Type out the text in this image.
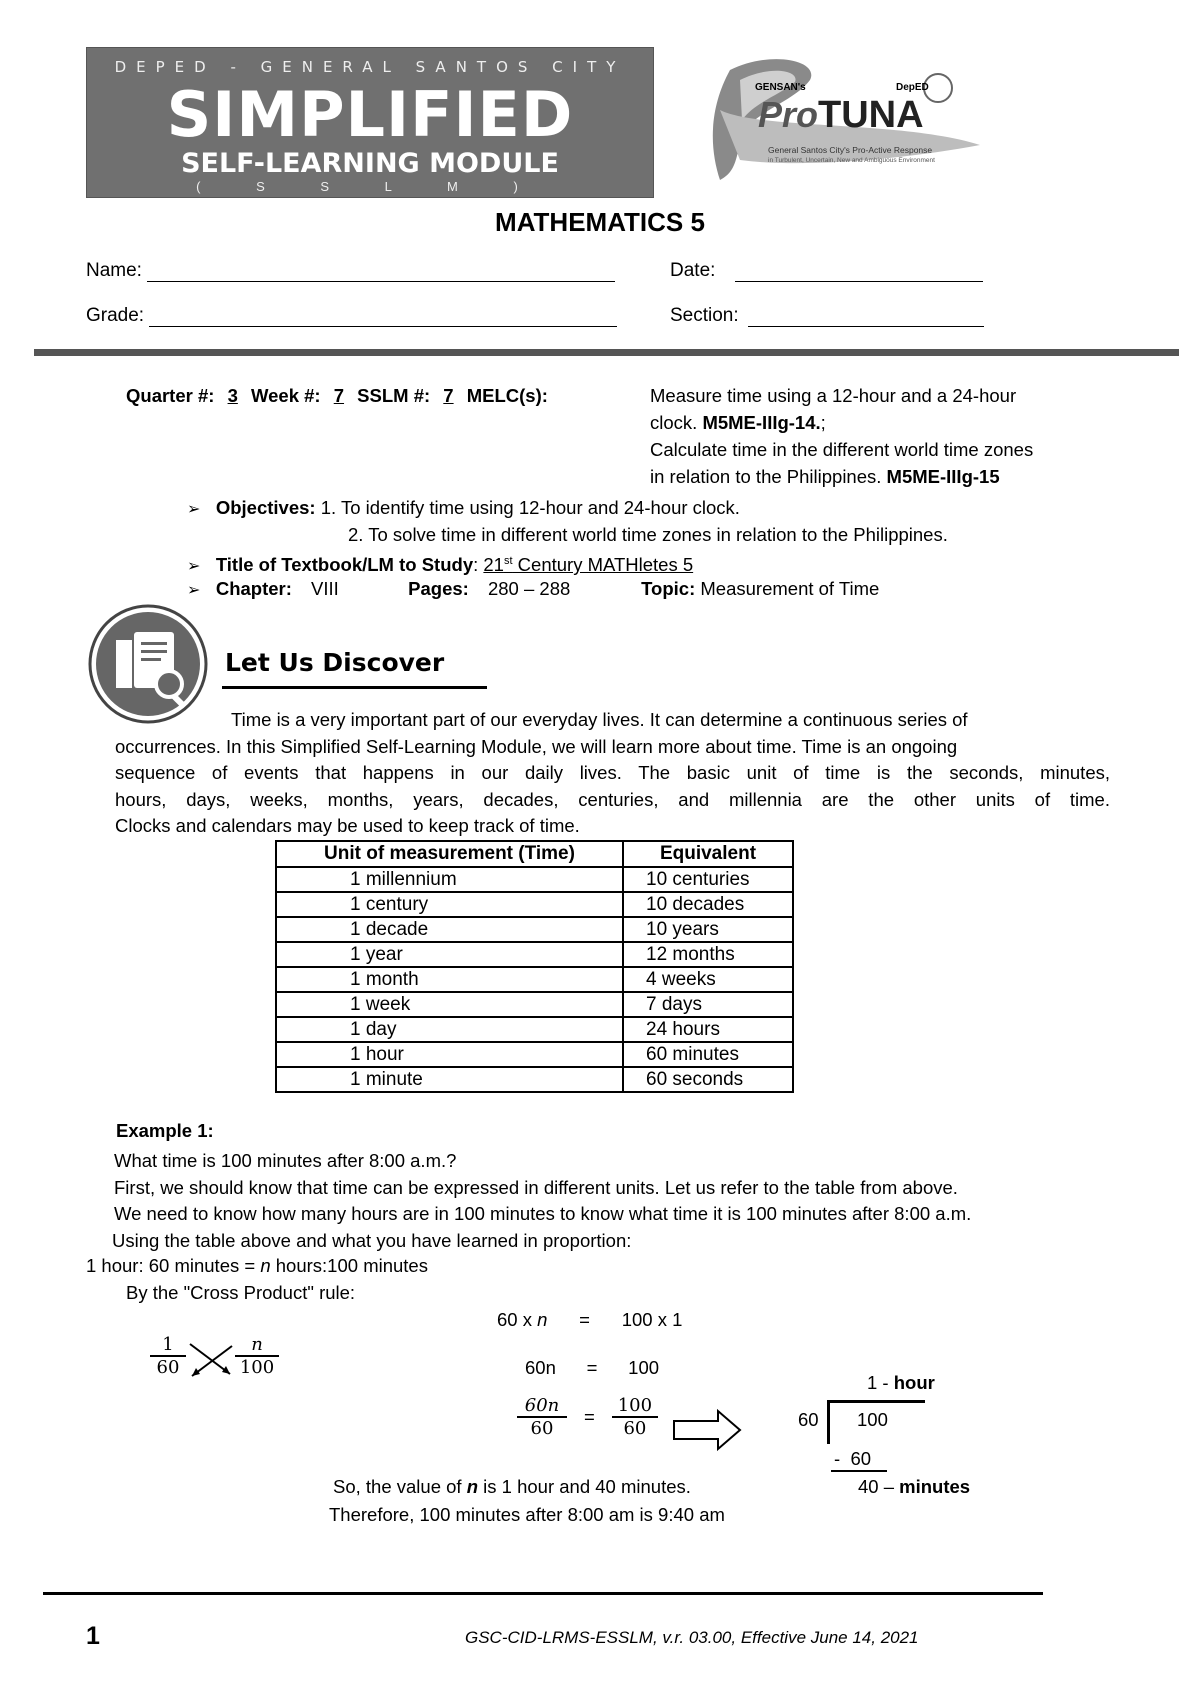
DEPED - GENERAL SANTOS CITY
SIMPLIFIED
SELF-LEARNING MODULE
( S S L M )
GENSAN's
Pro TUNA
DepED
General Santos City's Pro-Active Response
in Turbulent, Uncertain, New and Ambiguous Environment
MATHEMATICS 5
Name:	Date:
Grade:	Section:
Quarter #: 3 Week #: 7 SSLM #: 7 MELC(s):	Measure time using a 12-hour and a 24-hour
clock. M5ME-IIIg-14.;
Calculate time in the different world time zones
in relation to the Philippines. M5ME-IIIg-15
➢ Objectives: 1. To identify time using 12-hour and 24-hour clock.
2. To solve time in different world time zones in relation to the Philippines.
➢ Title of Textbook/LM to Study: 21st Century MATHletes 5
➢ Chapter: VIII	Pages: 280 – 288	Topic: Measurement of Time
Let Us Discover
Time is a very important part of our everyday lives. It can determine a continuous series of
occurrences. In this Simplified Self-Learning Module, we will learn more about time. Time is an ongoing
sequence of events that happens in our daily lives. The basic unit of time is the seconds, minutes,
hours, days, weeks, months, years, decades, centuries, and millennia are the other units of time.
Clocks and calendars may be used to keep track of time.
Unit of measurement (Time)	Equivalent
1 millennium	10 centuries
1 century	10 decades
1 decade	10 years
1 year	12 months
1 month	4 weeks
1 week	7 days
1 day	24 hours
1 hour	60 minutes
1 minute	60 seconds
Example 1:
What time is 100 minutes after 8:00 a.m.?
First, we should know that time can be expressed in different units. Let us refer to the table from above.
We need to know how many hours are in 100 minutes to know what time it is 100 minutes after 8:00 a.m.
Using the table above and what you have learned in proportion:
1 hour: 60 minutes = n hours:100 minutes
By the "Cross Product" rule:
$\frac{1}{60}$	$\frac{n}{100}$
60 x n = 100 x 1
60n = 100
$\frac{60n}{60} = \frac{100}{60}$
1 - hour
60 100
- 60
40 – minutes
So, the value of n is 1 hour and 40 minutes.
Therefore, 100 minutes after 8:00 am is 9:40 am
1	GSC-CID-LRMS-ESSLM, v.r. 03.00, Effective June 14, 2021
